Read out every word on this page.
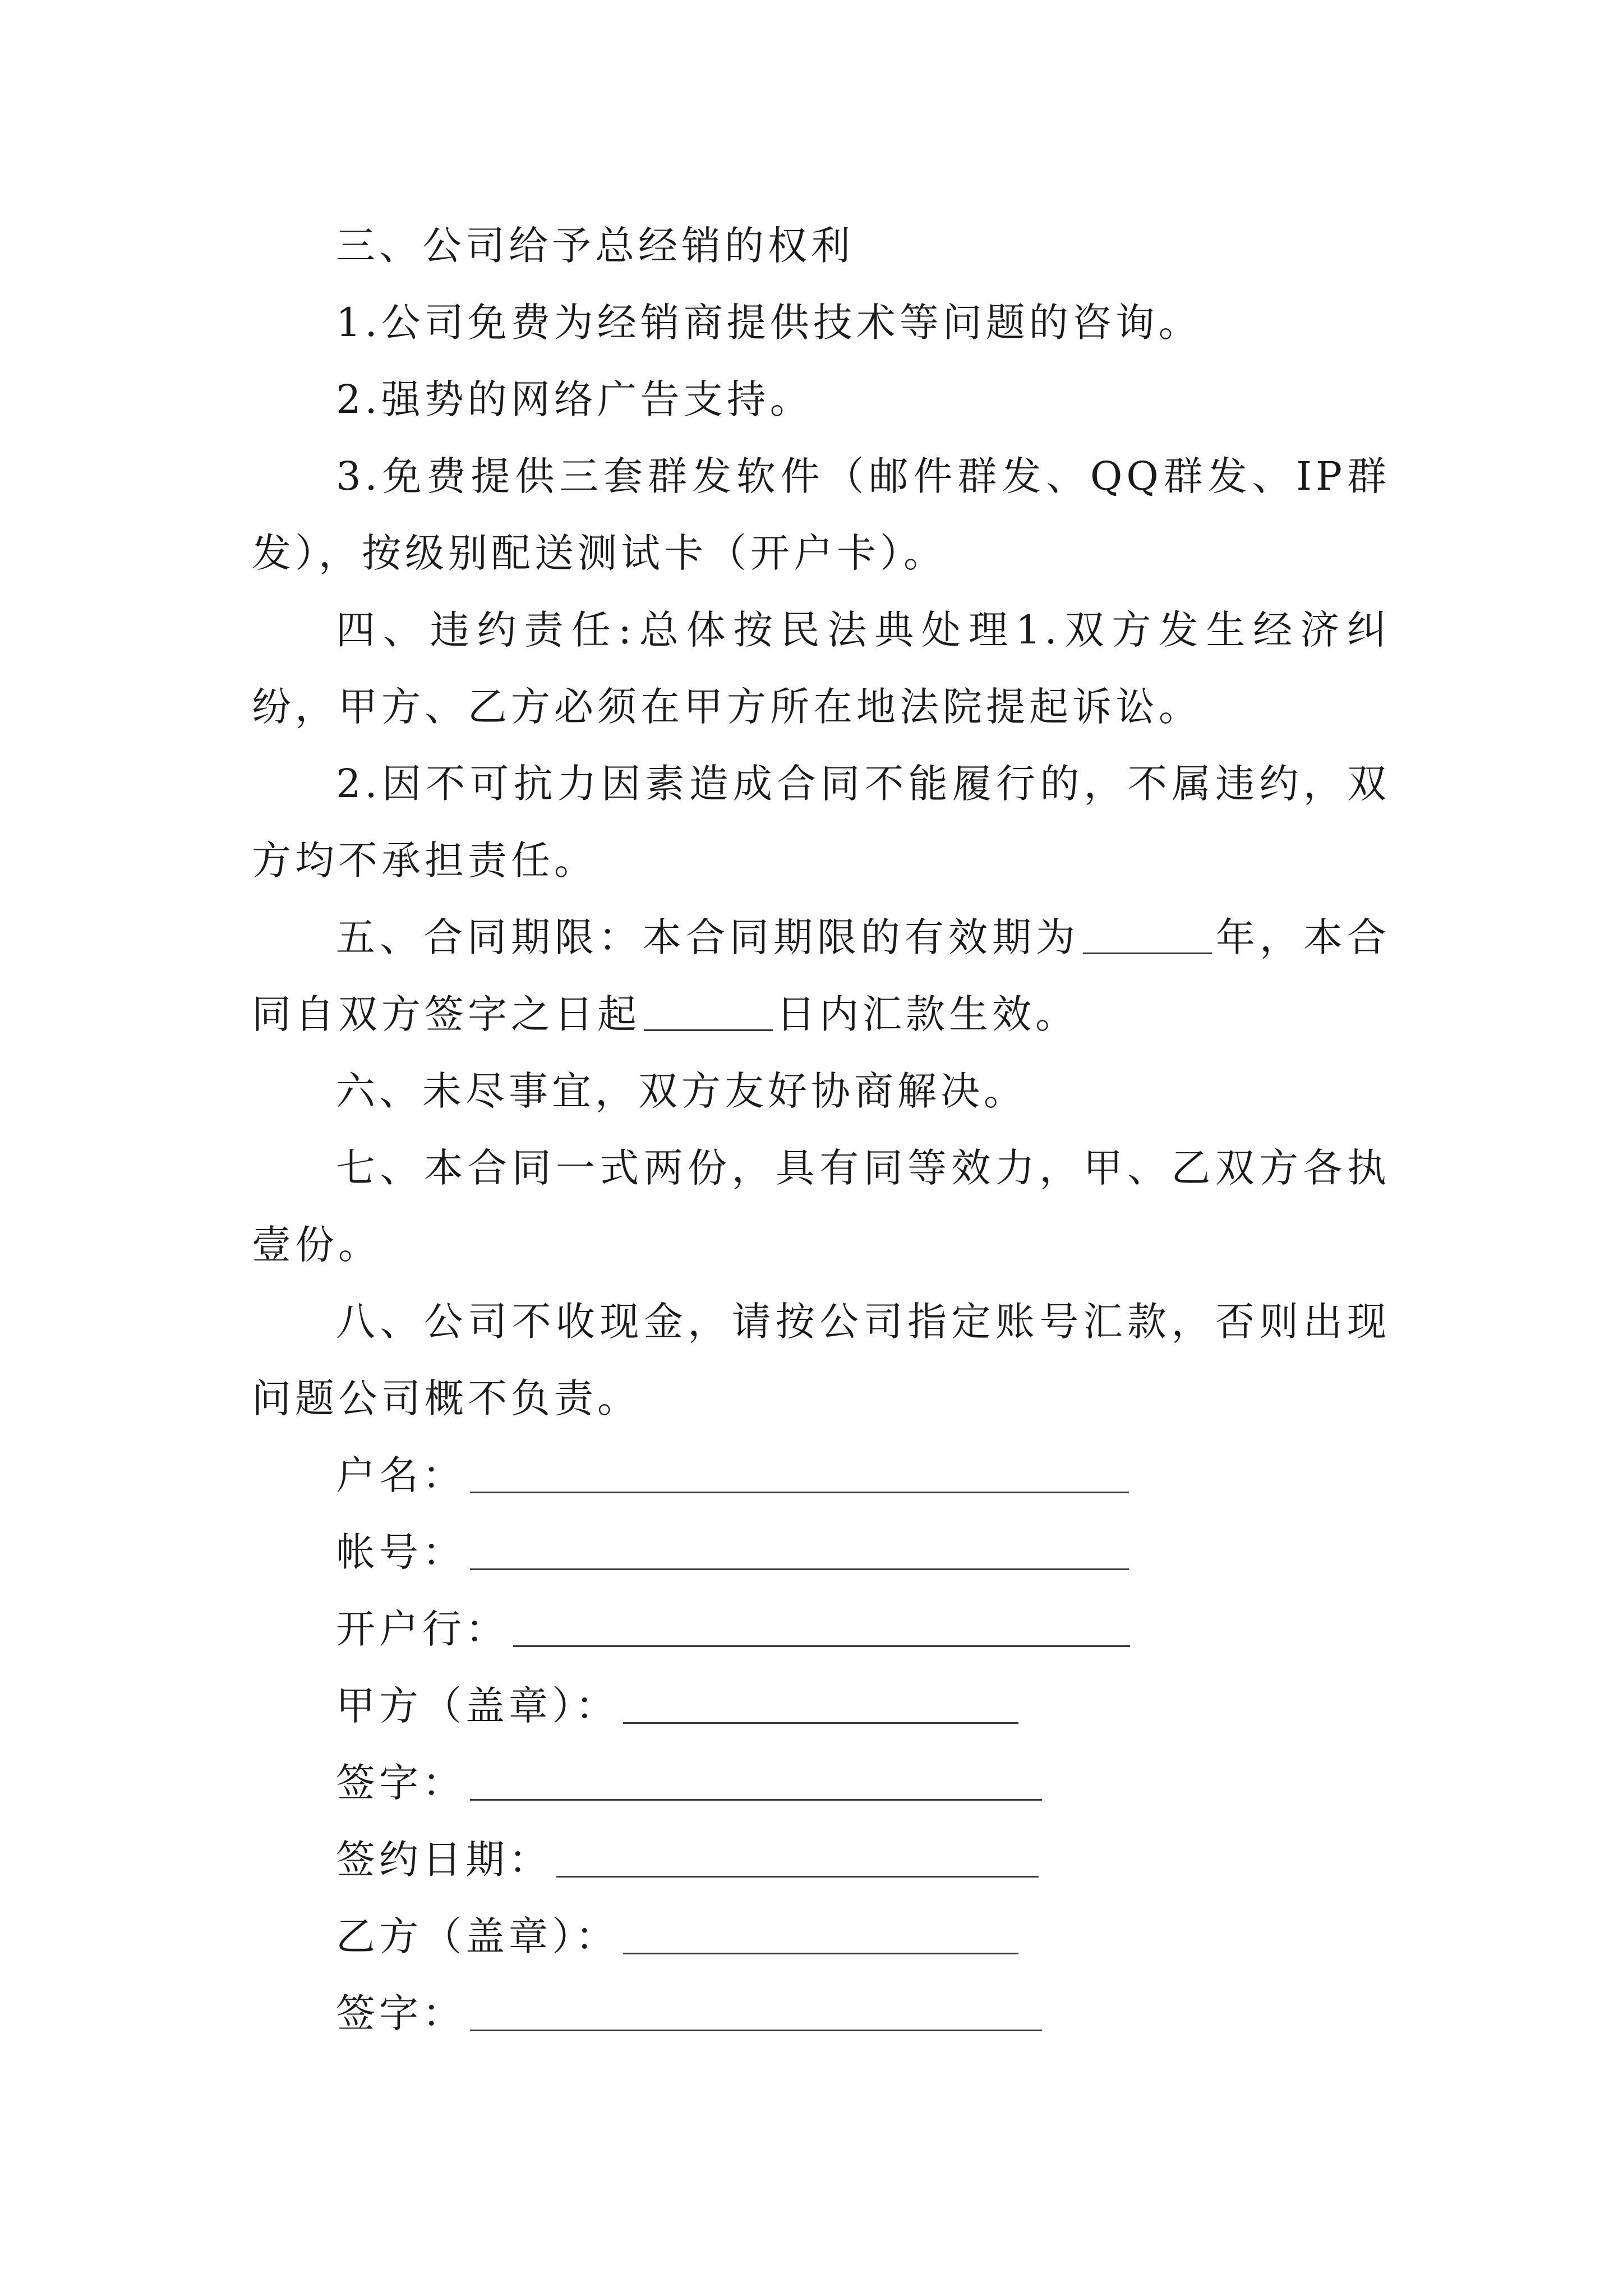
三、公司给予总经销的权利

1.公司免费为经销商提供技术等问题的咨询。

2.强势的网络广告支持。

3.免费提供三套群发软件（邮件群发、QQ群发、IP群发），按级别配送测试卡（开户卡）。

四、违约责任:总体按民法典处理1.双方发生经济纠纷，甲方、乙方必须在甲方所在地法院提起诉讼。

2.因不可抗力因素造成合同不能履行的，不属违约，双方均不承担责任。

五、合同期限：本合同期限的有效期为	年，本合同自双方签字之日起	日内汇款生效。

六、未尽事宜，双方友好协商解决。

七、本合同一式两份，具有同等效力，甲、乙双方各执壹份。

八、公司不收现金，请按公司指定账号汇款，否则出现问题公司概不负责。

户名：

帐号：

开户行：

甲方（盖章）：

签字：

签约日期：

乙方（盖章）：

签字：
